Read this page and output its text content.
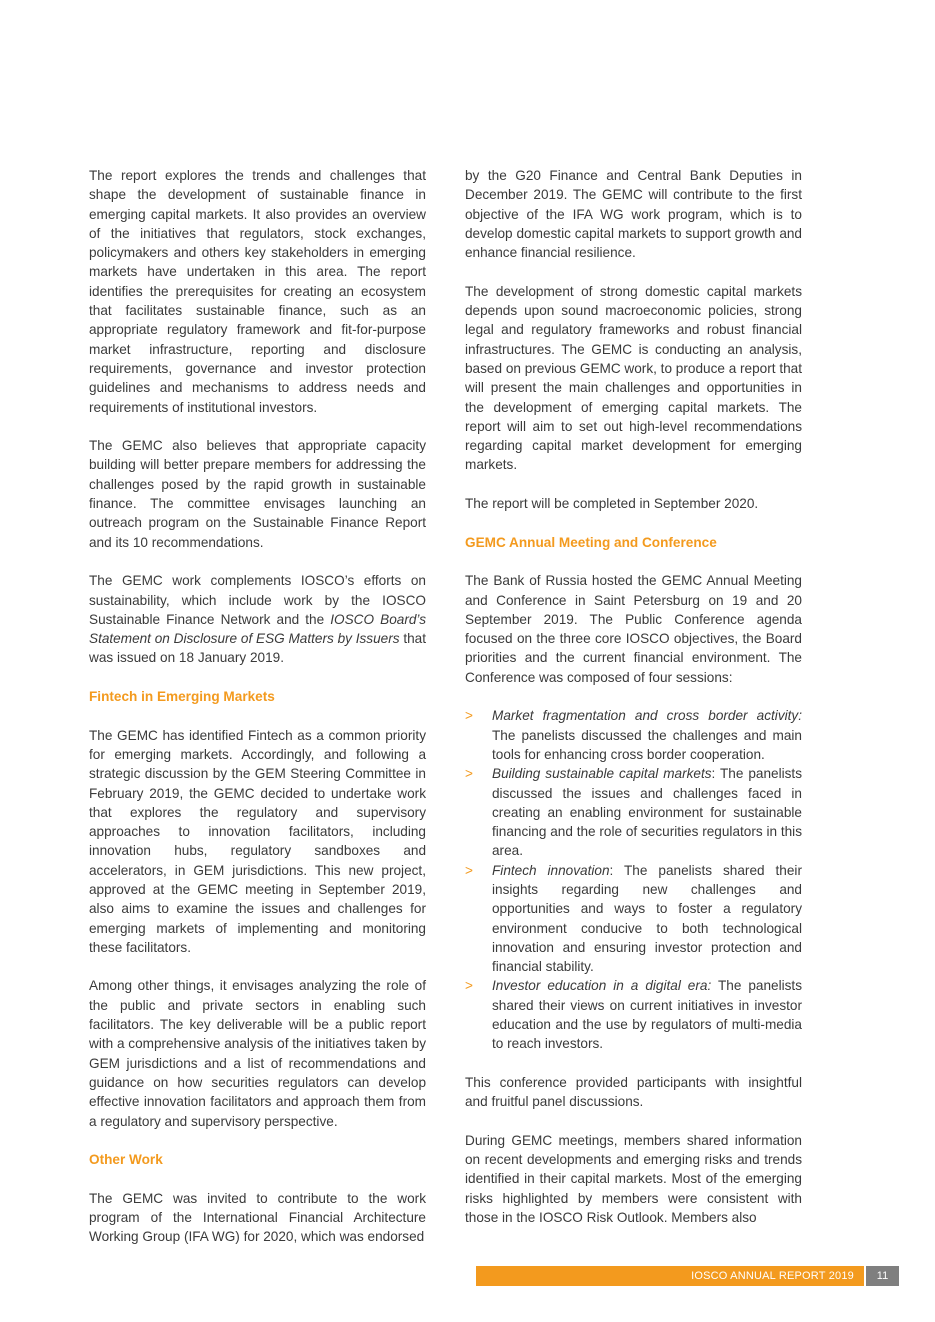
The report explores the trends and challenges that shape the development of sustainable finance in emerging capital markets. It also provides an overview of the initiatives that regulators, stock exchanges, policymakers and others key stakeholders in emerging markets have undertaken in this area. The report identifies the prerequisites for creating an ecosystem that facilitates sustainable finance, such as an appropriate regulatory framework and fit-for-purpose market infrastructure, reporting and disclosure requirements, governance and investor protection guidelines and mechanisms to address needs and requirements of institutional investors.

The GEMC also believes that appropriate capacity building will better prepare members for addressing the challenges posed by the rapid growth in sustainable finance. The committee envisages launching an outreach program on the Sustainable Finance Report and its 10 recommendations.

The GEMC work complements IOSCO’s efforts on sustainability, which include work by the IOSCO Sustainable Finance Network and the IOSCO Board’s Statement on Disclosure of ESG Matters by Issuers that was issued on 18 January 2019.

Fintech in Emerging Markets

The GEMC has identified Fintech as a common priority for emerging markets. Accordingly, and following a strategic discussion by the GEM Steering Committee in February 2019, the GEMC decided to undertake work that explores the regulatory and supervisory approaches to innovation facilitators, including innovation hubs, regulatory sandboxes and accelerators, in GEM jurisdictions. This new project, approved at the GEMC meeting in September 2019, also aims to examine the issues and challenges for emerging markets of implementing and monitoring these facilitators.

Among other things, it envisages analyzing the role of the public and private sectors in enabling such facilitators. The key deliverable will be a public report with a comprehensive analysis of the initiatives taken by GEM jurisdictions and a list of recommendations and guidance on how securities regulators can develop effective innovation facilitators and approach them from a regulatory and supervisory perspective.

Other Work

The GEMC was invited to contribute to the work program of the International Financial Architecture Working Group (IFA WG) for 2020, which was endorsed

by the G20 Finance and Central Bank Deputies in December 2019. The GEMC will contribute to the first objective of the IFA WG work program, which is to develop domestic capital markets to support growth and enhance financial resilience.

The development of strong domestic capital markets depends upon sound macroeconomic policies, strong legal and regulatory frameworks and robust financial infrastructures. The GEMC is conducting an analysis, based on previous GEMC work, to produce a report that will present the main challenges and opportunities in the development of emerging capital markets. The report will aim to set out high-level recommendations regarding capital market development for emerging markets.

The report will be completed in September 2020.

GEMC Annual Meeting and Conference

The Bank of Russia hosted the GEMC Annual Meeting and Conference in Saint Petersburg on 19 and 20 September 2019. The Public Conference agenda focused on the three core IOSCO objectives, the Board priorities and the current financial environment. The Conference was composed of four sessions:

> Market fragmentation and cross border activity: The panelists discussed the challenges and main tools for enhancing cross border cooperation.
> Building sustainable capital markets: The panelists discussed the issues and challenges faced in creating an enabling environment for sustainable financing and the role of securities regulators in this area.
> Fintech innovation: The panelists shared their insights regarding new challenges and opportunities and ways to foster a regulatory environment conducive to both technological innovation and ensuring investor protection and financial stability.
> Investor education in a digital era: The panelists shared their views on current initiatives in investor education and the use by regulators of multi-media to reach investors.

This conference provided participants with insightful and fruitful panel discussions.

During GEMC meetings, members shared information on recent developments and emerging risks and trends identified in their capital markets. Most of the emerging risks highlighted by members were consistent with those in the IOSCO Risk Outlook. Members also

IOSCO ANNUAL REPORT 2019	11
